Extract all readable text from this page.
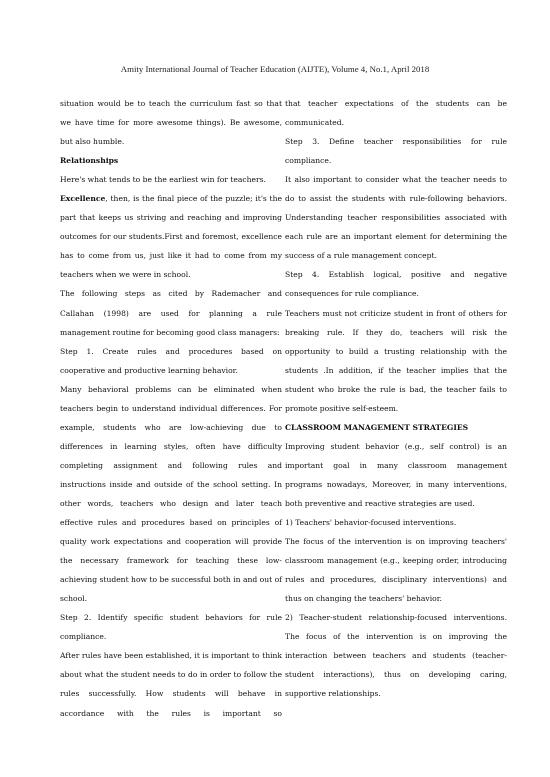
Amity International Journal of Teacher Education (AIJTE), Volume 4, No.1, April 2018

situation would be to teach the curriculum fast so that we have time for more awesome things). Be awesome, but also humble.

Relationships

Here's what tends to be the earliest win for teachers.

Excellence, then, is the final piece of the puzzle; it's the part that keeps us striving and reaching and improving outcomes for our students.First and foremost, excellence has to come from us, just like it had to come from my teachers when we were in school.

The following steps as cited by Rademacher and Callahan (1998) are used for planning a rule management routine for becoming good class managers:

Step 1. Create rules and procedures based on cooperative and productive learning behavior.

Many behavioral problems can be eliminated when teachers begin to understand individual differences. For example, students who are low-achieving due to differences in learning styles, often have difficulty completing assignment and following rules and instructions inside and outside of the school setting. In other words, teachers who design and later teach effective rules and procedures based on principles of quality work expectations and cooperation will provide the necessary framework for teaching these low-achieving student how to be successful both in and out of school.

Step 2. Identify specific student behaviors for rule compliance.

After rules have been established, it is important to think about what the student needs to do in order to follow the rules successfully. How students will behave in accordance with the rules is important so

that teacher expectations of the students can be communicated.

Step 3. Define teacher responsibilities for rule compliance.

It also important to consider what the teacher needs to do to assist the students with rule-following behaviors. Understanding teacher responsibilities associated with each rule are an important element for determining the success of a rule management concept.

Step 4. Establish logical, positive and negative consequences for rule compliance.

Teachers must not criticize student in front of others for breaking rule. If they do, teachers will risk the opportunity to build a trusting relationship with the students .In addition, if the teacher implies that the student who broke the rule is bad, the teacher fails to promote positive self-esteem.

CLASSROOM MANAGEMENT STRATEGIES

Improving student behavior (e.g., self control) is an important goal in many classroom management programs nowadays, Moreover, in many interventions, both preventive and reactive strategies are used.

1) Teachers' behavior-focused interventions.

The focus of the intervention is on improving teachers' classroom management (e.g., keeping order, introducing rules and procedures, disciplinary interventions) and thus on changing the teachers' behavior.

2) Teacher-student relationship-focused interventions. The focus of the intervention is on improving the interaction between teachers and students (teacher-student interactions), thus on developing caring, supportive relationships.
